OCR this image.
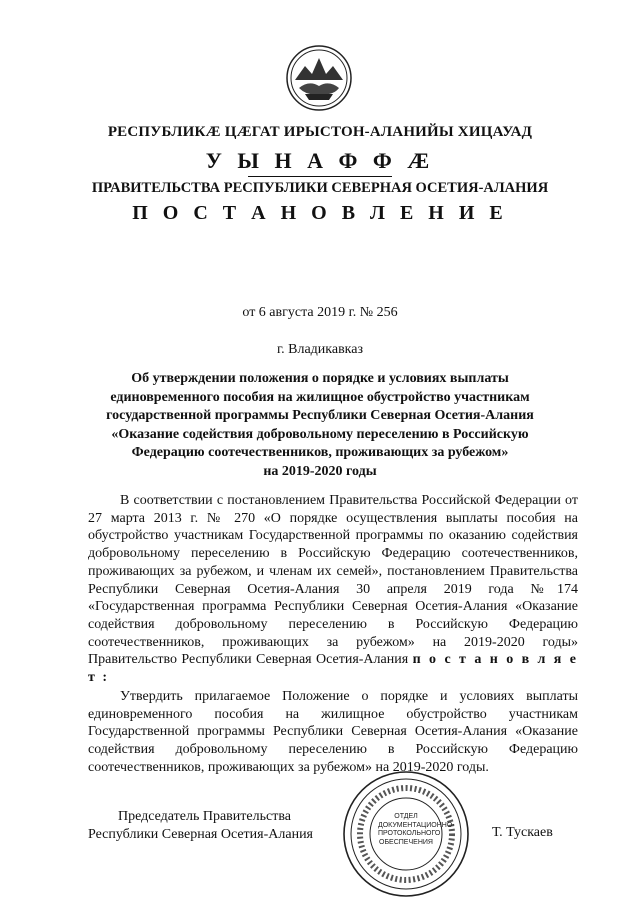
РЕСПУБЛИКӔ ЦӔГАТ ИРЫСТОН-АЛАНИЙЫ ХИЦАУАД
У Ы Н А Ф Ф Ӕ
ПРАВИТЕЛЬСТВА РЕСПУБЛИКИ СЕВЕРНАЯ ОСЕТИЯ-АЛАНИЯ
П О С Т А Н О В Л Е Н И Е
от 6 августа 2019 г. № 256
г. Владикавказ
Об утверждении положения о порядке и условиях выплаты
единовременного пособия на жилищное обустройство участникам
государственной программы Республики Северная Осетия-Алания
«Оказание содействия добровольному переселению в Российскую
Федерацию соотечественников, проживающих за рубежом»
на 2019-2020 годы
В соответствии с постановлением Правительства Российской Федерации от 27 марта 2013 г. № 270 «О порядке осуществления выплаты пособия на обустройство участникам Государственной программы по оказанию содействия добровольному переселению в Российскую Федерацию соотечественников, проживающих за рубежом, и членам их семей», постановлением Правительства Республики Северная Осетия-Алания 30 апреля 2019 года №174 «Государственная программа Республики Северная Осетия-Алания «Оказание содействия добровольному переселению в Российскую Федерацию соотечественников, проживающих за рубежом» на 2019-2020 годы» Правительство Республики Северная Осетия-Алания п о с т а н о в л я е т :
Утвердить прилагаемое Положение о порядке и условиях выплаты единовременного пособия на жилищное обустройство участникам Государственной программы Республики Северная Осетия-Алания «Оказание содействия добровольному переселению в Российскую Федерацию соотечественников, проживающих за рубежом» на 2019-2020 годы.
Председатель Правительства
Республики Северная Осетия-Алания
ОТДЕЛ
ДОКУМЕНТАЦИОННО-
ПРОТОКОЛЬНОГО
ОБЕСПЕЧЕНИЯ
Т. Тускаев
